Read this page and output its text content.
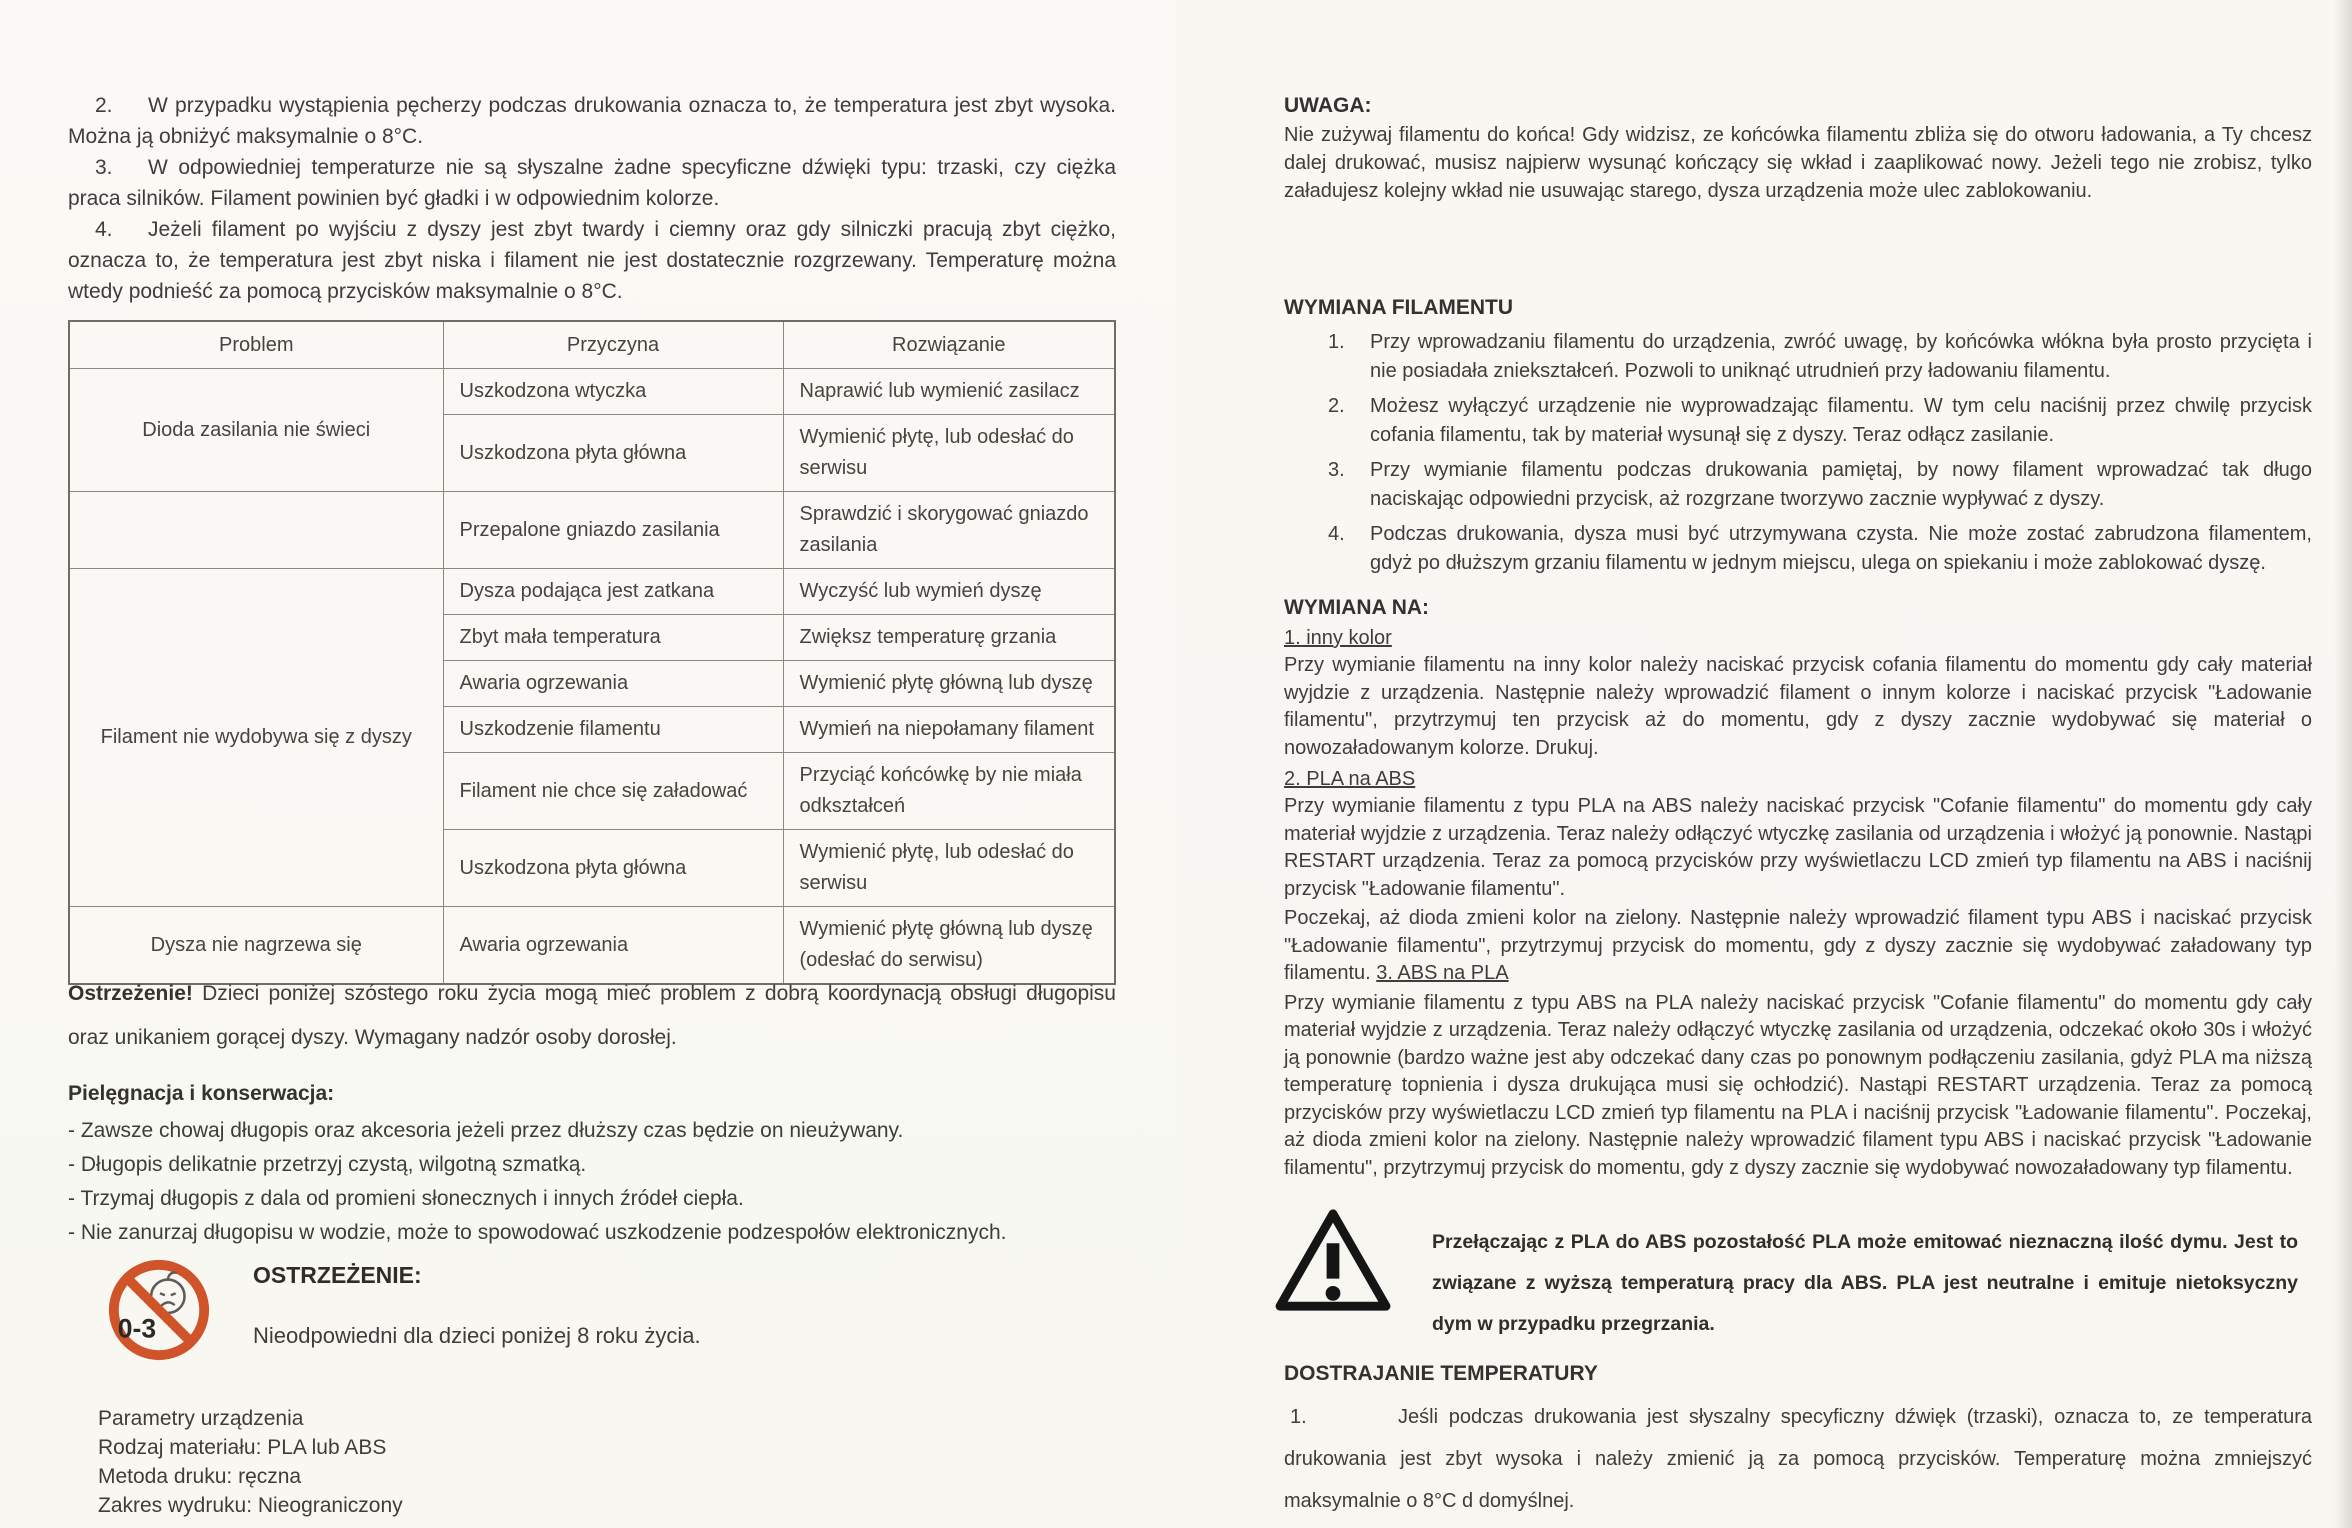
2. W przypadku wystąpienia pęcherzy podczas drukowania oznacza to, że temperatura jest zbyt wysoka. Można ją obniżyć maksymalnie o 8°C.

3. W odpowiedniej temperaturze nie są słyszalne żadne specyficzne dźwięki typu: trzaski, czy ciężka praca silników. Filament powinien być gładki i w odpowiednim kolorze.

4. Jeżeli filament po wyjściu z dyszy jest zbyt twardy i ciemny oraz gdy silniczki pracują zbyt ciężko, oznacza to, że temperatura jest zbyt niska i filament nie jest dostatecznie rozgrzewany. Temperaturę można wtedy podnieść za pomocą przycisków maksymalnie o 8°C.

Problem	Przyczyna	Rozwiązanie
Dioda zasilania nie świeci	Uszkodzona wtyczka	Naprawić lub wymienić zasilacz
	Uszkodzona płyta główna	Wymienić płytę, lub odesłać do serwisu
	Przepalone gniazdo zasilania	Sprawdzić i skorygować gniazdo zasilania
Filament nie wydobywa się z dyszy	Dysza podająca jest zatkana	Wyczyść lub wymień dyszę
	Zbyt mała temperatura	Zwiększ temperaturę grzania
	Awaria ogrzewania	Wymienić płytę główną lub dyszę
	Uszkodzenie filamentu	Wymień na niepołamany filament
	Filament nie chce się załadować	Przyciąć końcówkę by nie miała odkształceń
	Uszkodzona płyta główna	Wymienić płytę, lub odesłać do serwisu
Dysza nie nagrzewa się	Awaria ogrzewania	Wymienić płytę główną lub dyszę (odesłać do serwisu)

Ostrzeżenie! Dzieci poniżej szóstego roku życia mogą mieć problem z dobrą koordynacją obsługi długopisu oraz unikaniem gorącej dyszy. Wymagany nadzór osoby dorosłej.

Pielęgnacja i konserwacja:

- Zawsze chowaj długopis oraz akcesoria jeżeli przez dłuższy czas będzie on nieużywany.

- Długopis delikatnie przetrzyj czystą, wilgotną szmatką.

- Trzymaj długopis z dala od promieni słonecznych i innych źródeł ciepła.

- Nie zanurzaj długopisu w wodzie, może to spowodować uszkodzenie podzespołów elektronicznych.

0-3

OSTRZEŻENIE:

Nieodpowiedni dla dzieci poniżej 8 roku życia.

Parametry urządzenia

Rodzaj materiału: PLA lub ABS

Metoda druku: ręczna

Zakres wydruku: Nieograniczony

UWAGA:

Nie zużywaj filamentu do końca! Gdy widzisz, ze końcówka filamentu zbliża się do otworu ładowania, a Ty chcesz dalej drukować, musisz najpierw wysunąć kończący się wkład i zaaplikować nowy. Jeżeli tego nie zrobisz, tylko załadujesz kolejny wkład nie usuwając starego, dysza urządzenia może ulec zablokowaniu.

WYMIANA FILAMENTU

1. Przy wprowadzaniu filamentu do urządzenia, zwróć uwagę, by końcówka włókna była prosto przycięta i nie posiadała zniekształceń. Pozwoli to uniknąć utrudnień przy ładowaniu filamentu.
2. Możesz wyłączyć urządzenie nie wyprowadzając filamentu. W tym celu naciśnij przez chwilę przycisk cofania filamentu, tak by materiał wysunął się z dyszy. Teraz odłącz zasilanie.
3. Przy wymianie filamentu podczas drukowania pamiętaj, by nowy filament wprowadzać tak długo naciskając odpowiedni przycisk, aż rozgrzane tworzywo zacznie wypływać z dyszy.
4. Podczas drukowania, dysza musi być utrzymywana czysta. Nie może zostać zabrudzona filamentem, gdyż po dłuższym grzaniu filamentu w jednym miejscu, ulega on spiekaniu i może zablokować dyszę.

WYMIANA NA:

1. inny kolor

Przy wymianie filamentu na inny kolor należy naciskać przycisk cofania filamentu do momentu gdy cały materiał wyjdzie z urządzenia. Następnie należy wprowadzić filament o innym kolorze i naciskać przycisk "Ładowanie filamentu", przytrzymuj ten przycisk aż do momentu, gdy z dyszy zacznie wydobywać się materiał o nowozaładowanym kolorze. Drukuj.

2. PLA na ABS

Przy wymianie filamentu z typu PLA na ABS należy naciskać przycisk "Cofanie filamentu" do momentu gdy cały materiał wyjdzie z urządzenia. Teraz należy odłączyć wtyczkę zasilania od urządzenia i włożyć ją ponownie. Nastąpi RESTART urządzenia. Teraz za pomocą przycisków przy wyświetlaczu LCD zmień typ filamentu na ABS i naciśnij przycisk "Ładowanie filamentu".

Poczekaj, aż dioda zmieni kolor na zielony. Następnie należy wprowadzić filament typu ABS i naciskać przycisk "Ładowanie filamentu", przytrzymuj przycisk do momentu, gdy z dyszy zacznie się wydobywać załadowany typ filamentu. 3. ABS na PLA

Przy wymianie filamentu z typu ABS na PLA należy naciskać przycisk "Cofanie filamentu" do momentu gdy cały materiał wyjdzie z urządzenia. Teraz należy odłączyć wtyczkę zasilania od urządzenia, odczekać około 30s i włożyć ją ponownie (bardzo ważne jest aby odczekać dany czas po ponownym podłączeniu zasilania, gdyż PLA ma niższą temperaturę topnienia i dysza drukująca musi się ochłodzić). Nastąpi RESTART urządzenia. Teraz za pomocą przycisków przy wyświetlaczu LCD zmień typ filamentu na PLA i naciśnij przycisk "Ładowanie filamentu". Poczekaj, aż dioda zmieni kolor na zielony. Następnie należy wprowadzić filament typu ABS i naciskać przycisk "Ładowanie filamentu", przytrzymuj przycisk do momentu, gdy z dyszy zacznie się wydobywać nowozaładowany typ filamentu.

Przełączając z PLA do ABS pozostałość PLA może emitować nieznaczną ilość dymu. Jest to związane z wyższą temperaturą pracy dla ABS. PLA jest neutralne i emituje nietoksyczny dym w przypadku przegrzania.

DOSTRAJANIE TEMPERATURY

1.	Jeśli podczas drukowania jest słyszalny specyficzny dźwięk (trzaski), oznacza to, ze temperatura drukowania jest zbyt wysoka i należy zmienić ją za pomocą przycisków. Temperaturę można zmniejszyć maksymalnie o 8°C d domyślnej.
